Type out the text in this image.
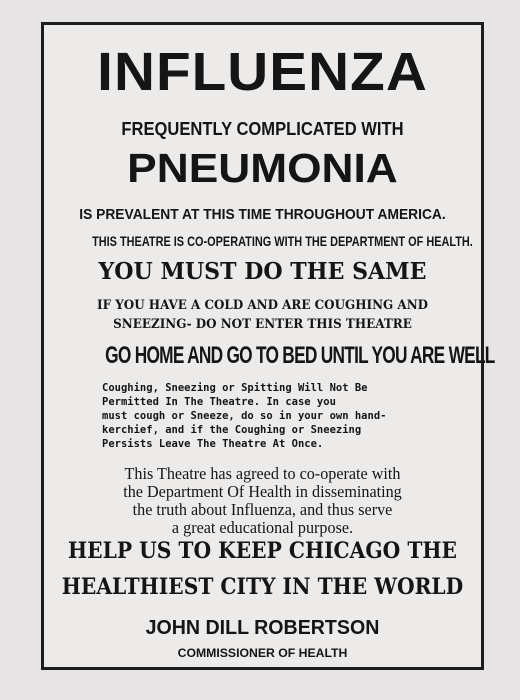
INFLUENZA
FREQUENTLY COMPLICATED WITH
PNEUMONIA
IS PREVALENT AT THIS TIME THROUGHOUT AMERICA.
THIS THEATRE IS CO-OPERATING WITH THE DEPARTMENT OF HEALTH.
YOU MUST DO THE SAME
IF YOU HAVE A COLD AND ARE COUGHING AND
SNEEZING- DO NOT ENTER THIS THEATRE
GO HOME AND GO TO BED UNTIL YOU ARE WELL
Coughing, Sneezing or Spitting Will Not Be
Permitted In The Theatre. In case you
must cough or Sneeze, do so in your own hand-
kerchief, and if the Coughing or Sneezing
Persists Leave The Theatre At Once.
This Theatre has agreed to co-operate with
the Department Of Health in disseminating
the truth about Influenza, and thus serve
a great educational purpose.
HELP US TO KEEP CHICAGO THE
HEALTHIEST CITY IN THE WORLD
JOHN DILL ROBERTSON
COMMISSIONER OF HEALTH
